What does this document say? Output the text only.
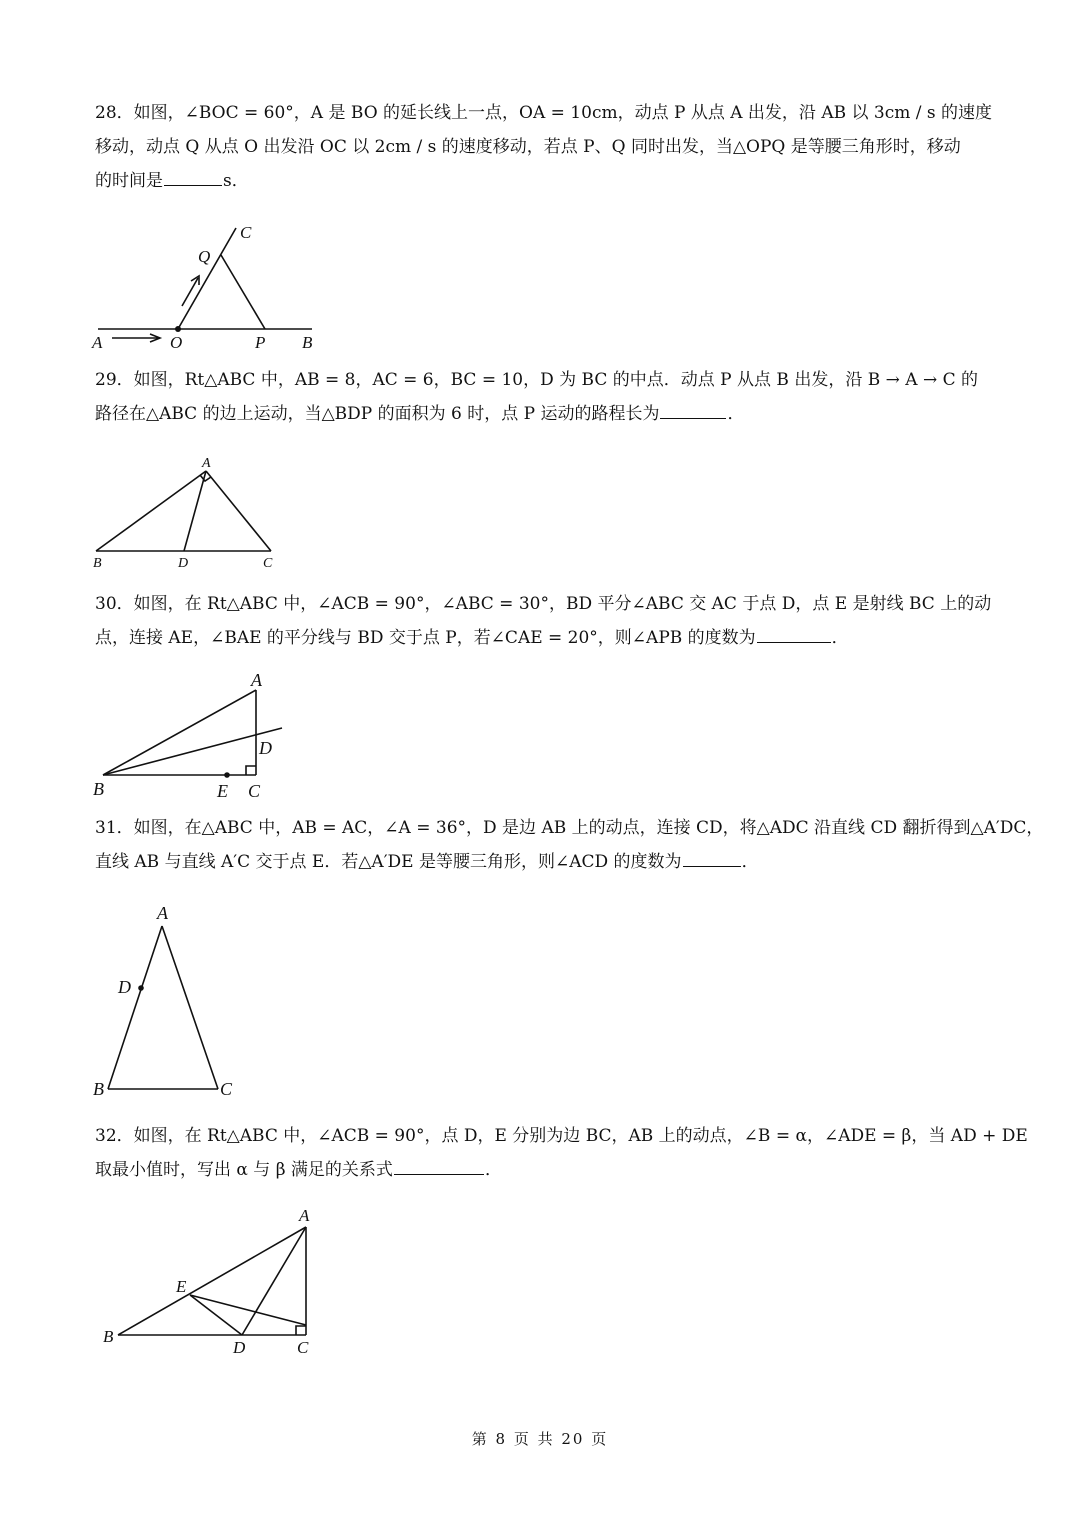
28．如图，∠BOC = 60°，A 是 BO 的延长线上一点，OA = 10cm，动点 P 从点 A 出发，沿 AB 以 3cm / s 的速度
移动，动点 Q 从点 O 出发沿 OC 以 2cm / s 的速度移动，若点 P、Q 同时出发，当△OPQ 是等腰三角形时，移动
的时间是	s．
A	O	P B
Q
C
29．如图，Rt△ABC 中，AB = 8，AC = 6，BC = 10，D 为 BC 的中点．动点 P 从点 B 出发，沿 B → A → C 的
路径在△ABC 的边上运动，当△BDP 的面积为 6 时，点 P 运动的路程长为	．
A
B	D	C
30．如图，在 Rt△ABC 中，∠ACB = 90°，∠ABC = 30°，BD 平分∠ABC 交 AC 于点 D，点 E 是射线 BC 上的动
点，连接 AE，∠BAE 的平分线与 BD 交于点 P，若∠CAE = 20°，则∠APB 的度数为	．
A
D
B	E C
31．如图，在△ABC 中，AB = AC，∠A = 36°，D 是边 AB 上的动点，连接 CD，将△ADC 沿直线 CD 翻折得到△A′DC，
直线 AB 与直线 A′C 交于点 E．若△A′DE 是等腰三角形，则∠ACD 的度数为	．
A
D
B	C
32．如图，在 Rt△ABC 中，∠ACB = 90°，点 D，E 分别为边 BC，AB 上的动点，∠B = α，∠ADE = β，当 AD + DE
取最小值时，写出 α 与 β 满足的关系式	．
A
E
B
D	C
第 8 页 共 20 页
